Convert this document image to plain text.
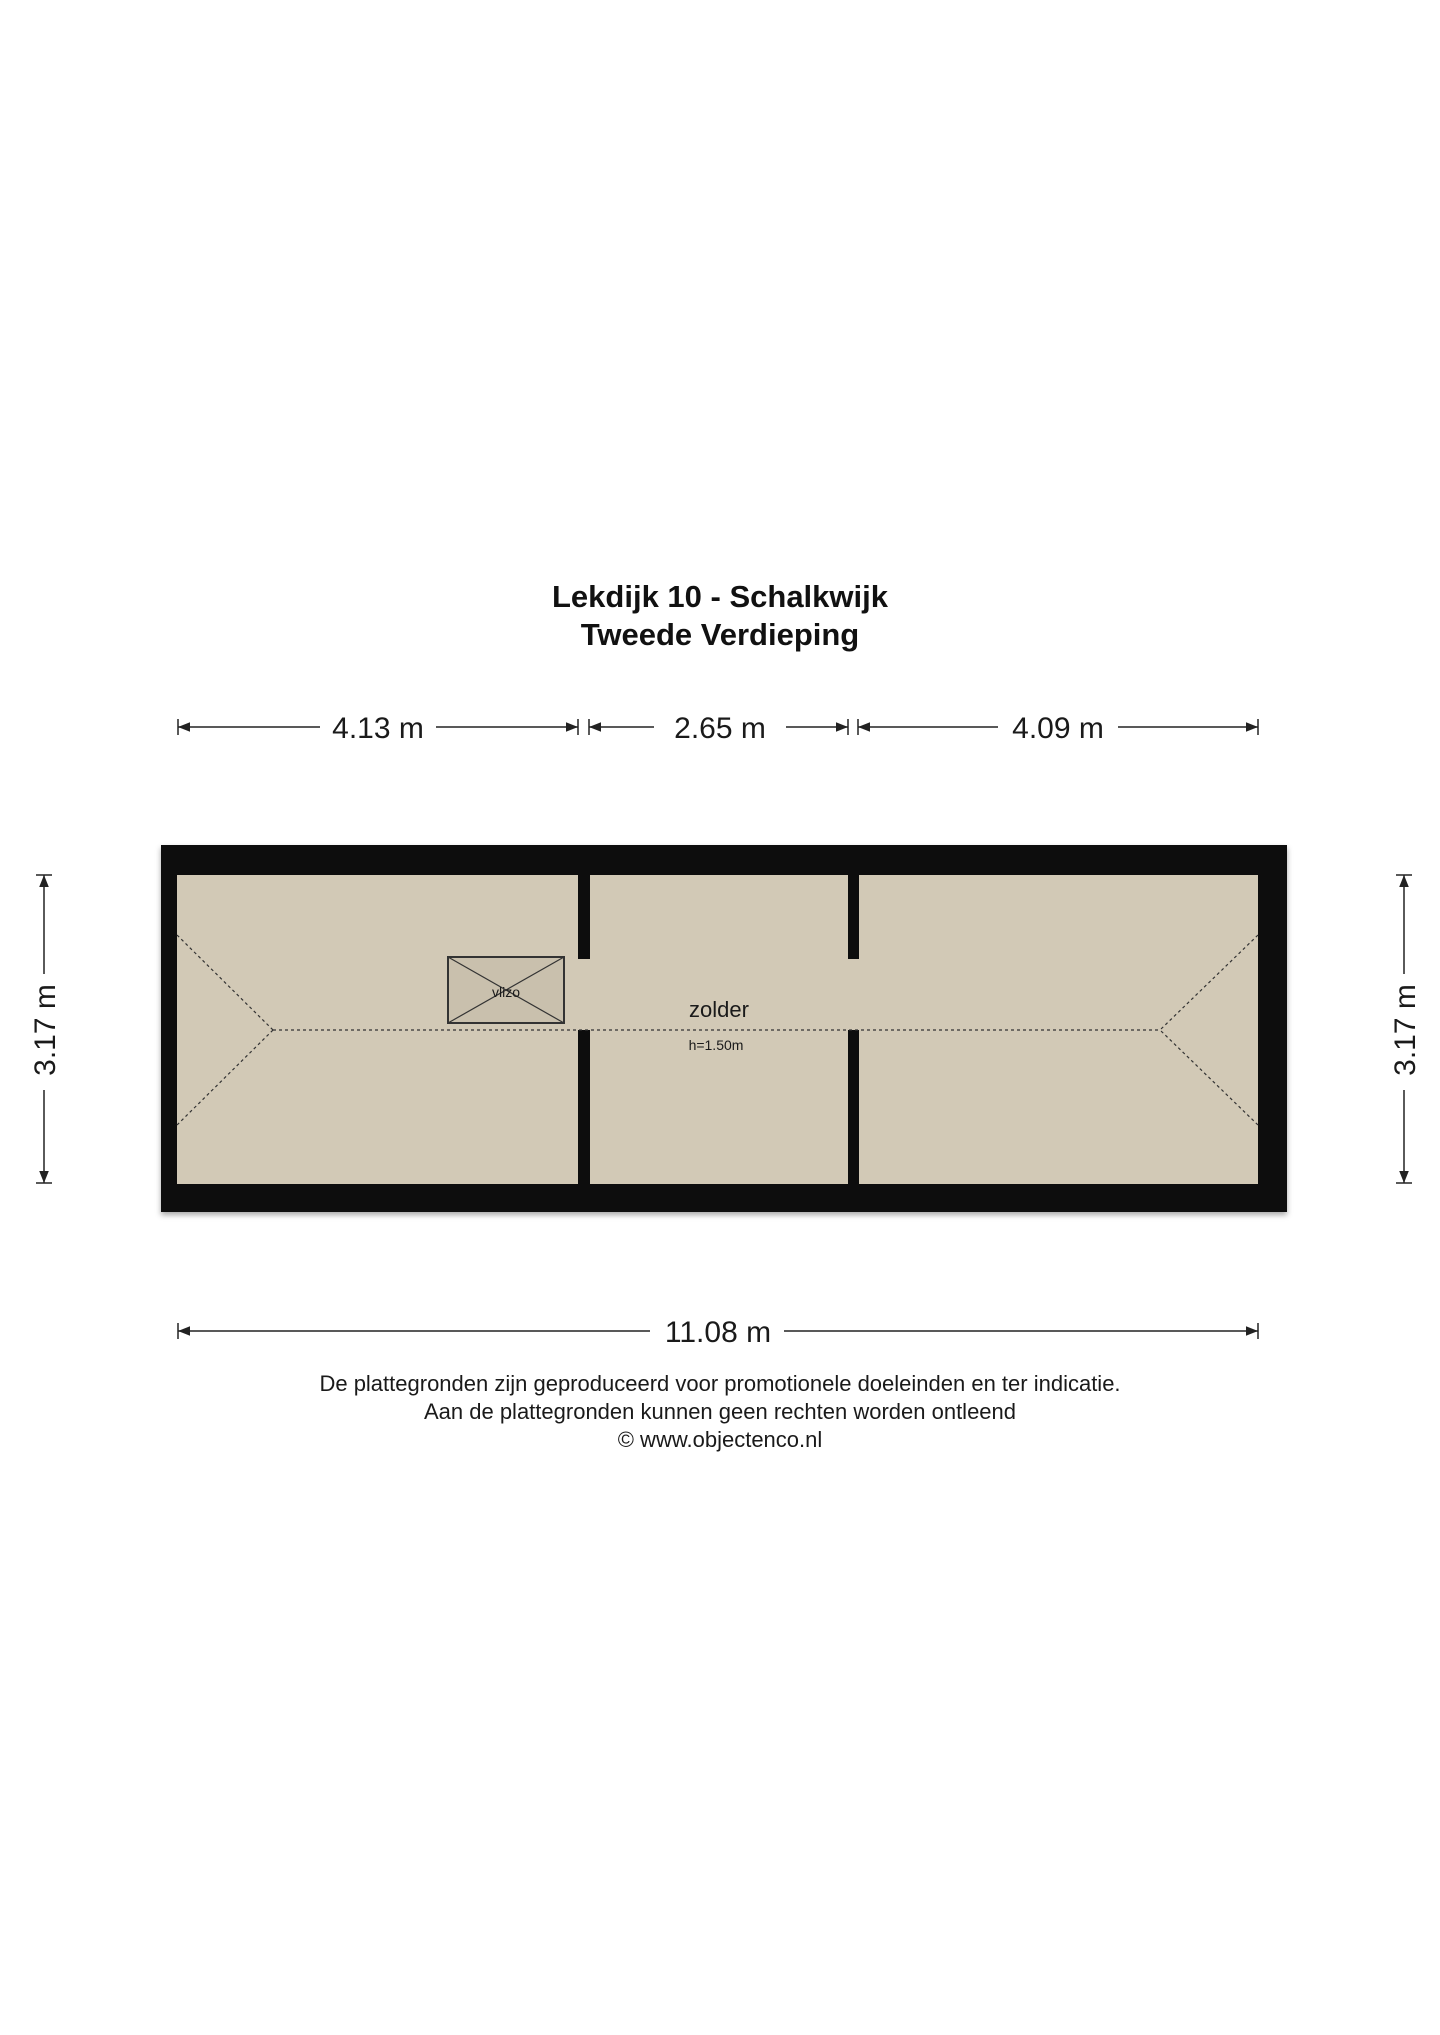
Lekdijk 10 - Schalkwijk
Tweede Verdieping
4.13 m	2.65 m	4.09 m
3.17 m	3.17 m
vlizo
zolder
h=1.50m
11.08 m
De plattegronden zijn geproduceerd voor promotionele doeleinden en ter indicatie.
Aan de plattegronden kunnen geen rechten worden ontleend
© www.objectenco.nl
